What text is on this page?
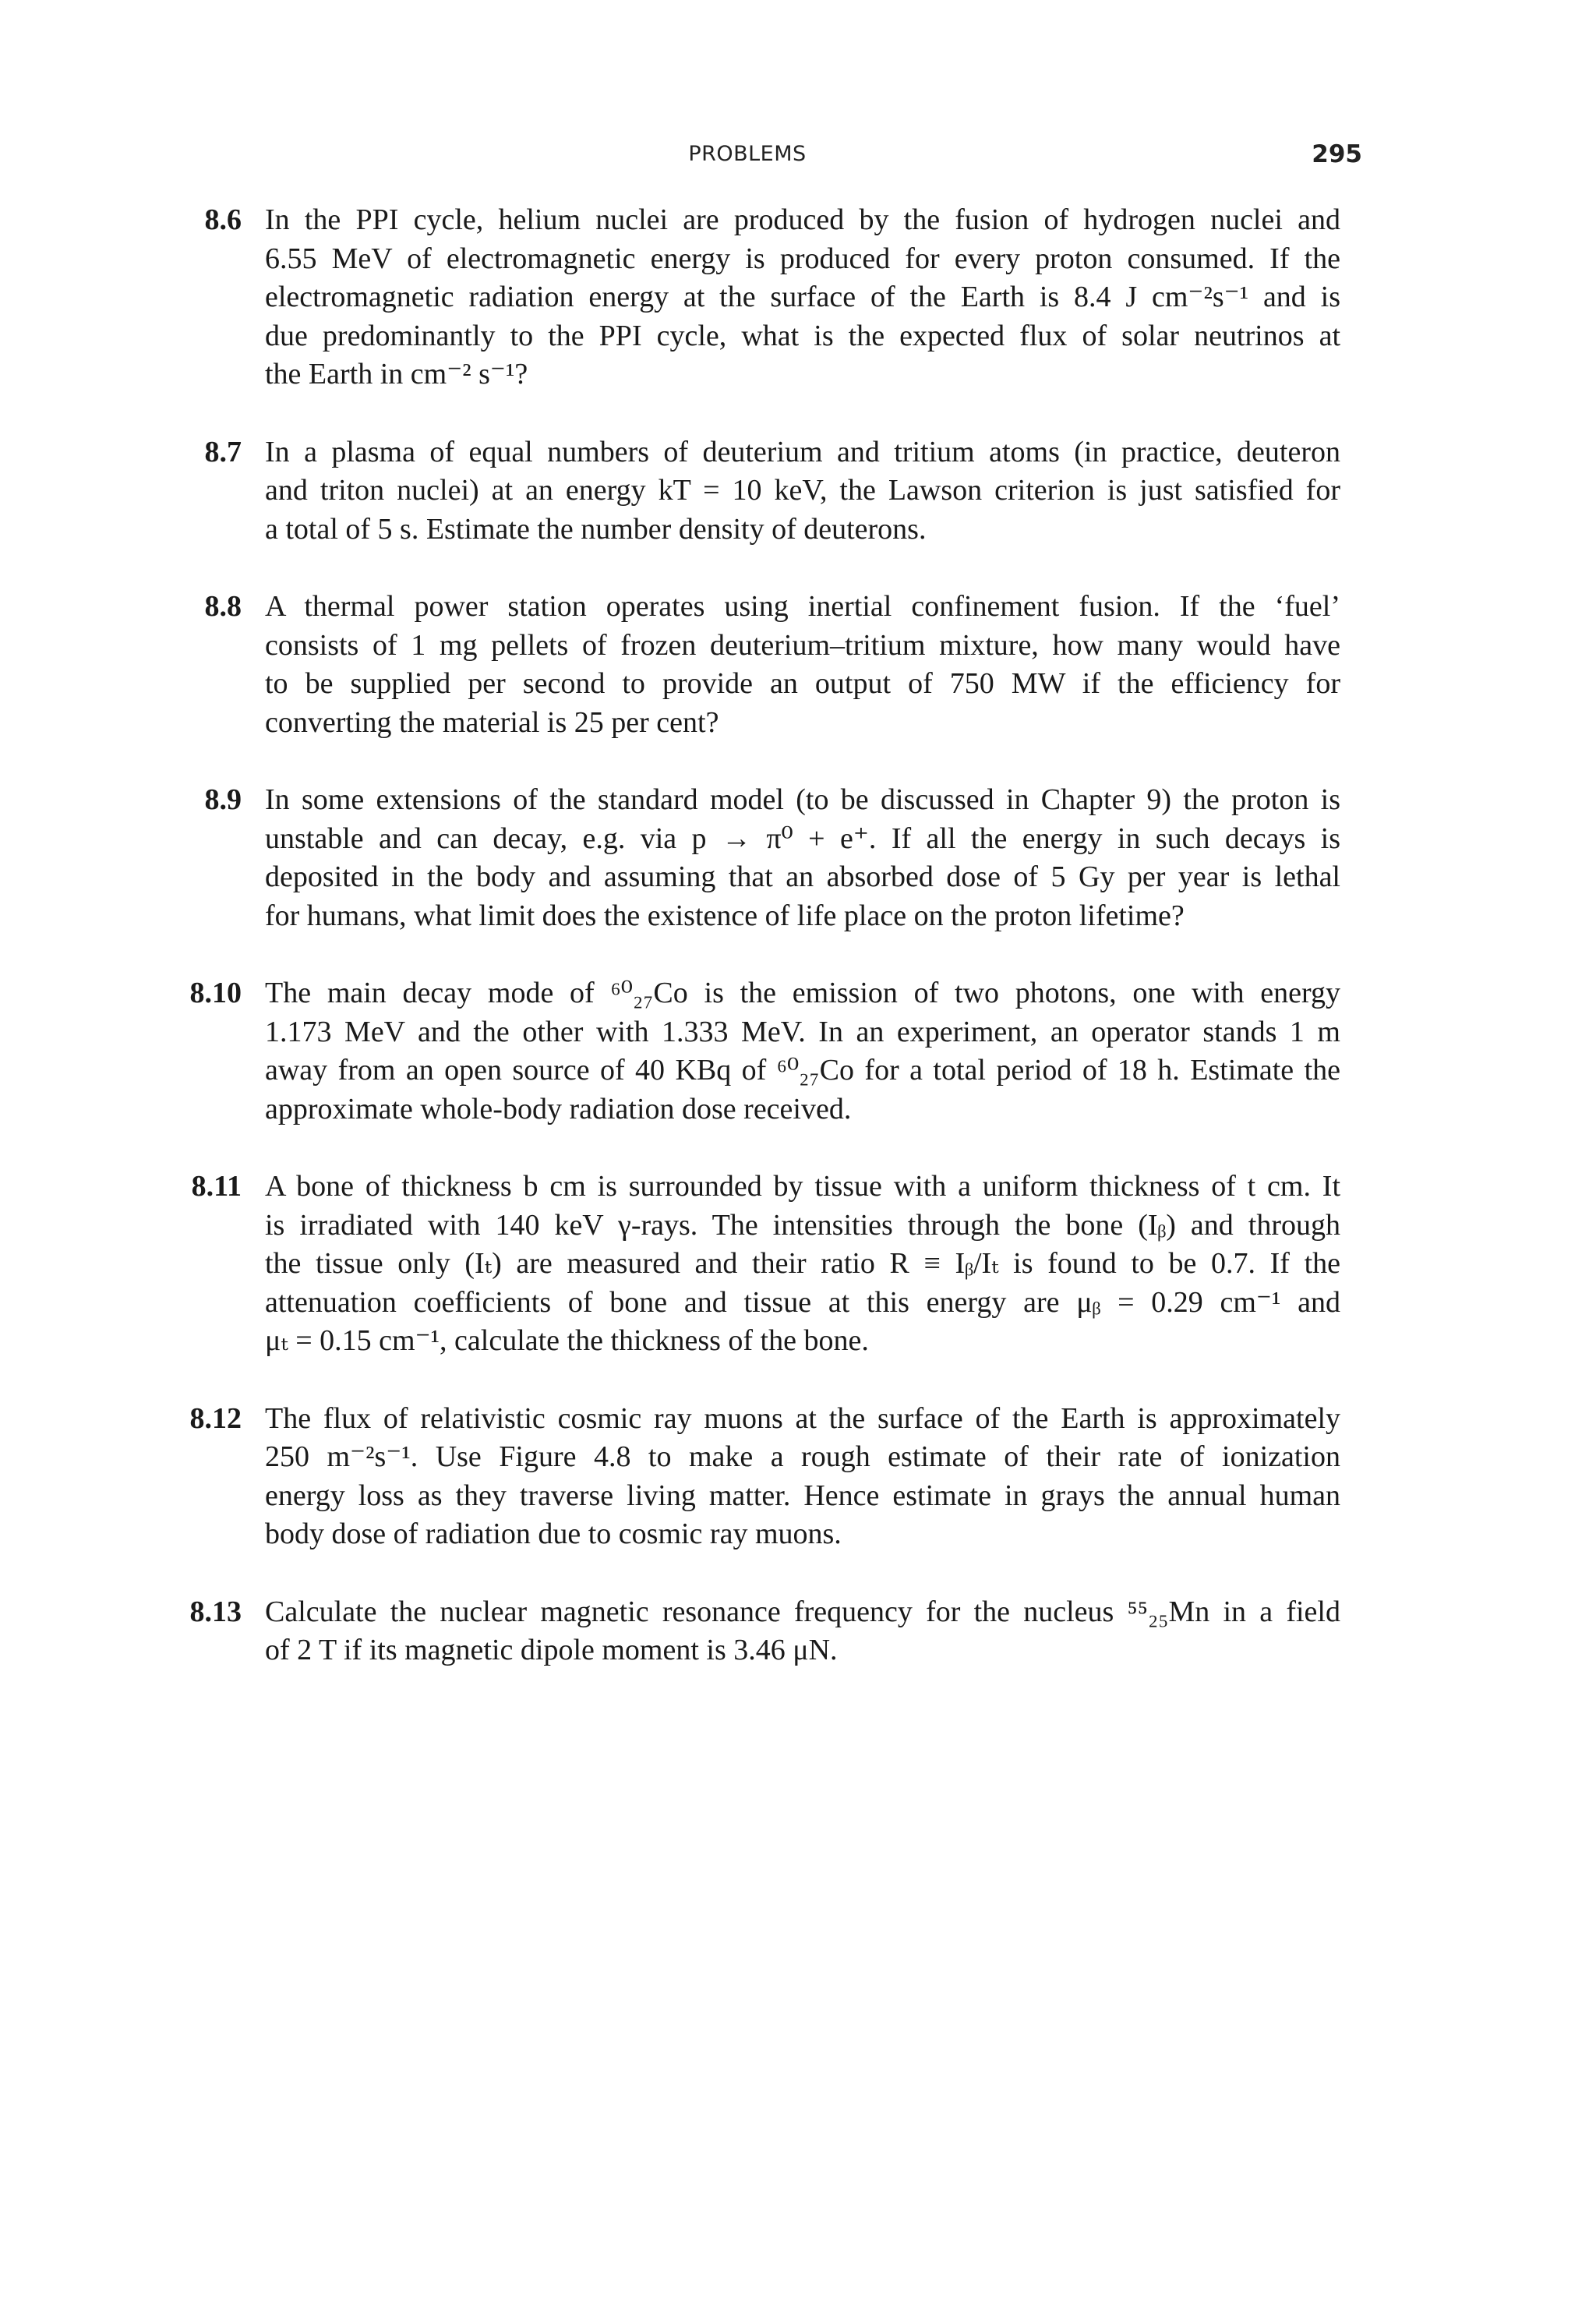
PROBLEMS	295
8.6 In the PPI cycle, helium nuclei are produced by the fusion of hydrogen nuclei and
6.55 MeV of electromagnetic energy is produced for every proton consumed. If the
electromagnetic radiation energy at the surface of the Earth is 8.4 J cm⁻²s⁻¹ and is
due predominantly to the PPI cycle, what is the expected flux of solar neutrinos at
the Earth in cm⁻² s⁻¹?
8.7 In a plasma of equal numbers of deuterium and tritium atoms (in practice, deuteron
and triton nuclei) at an energy kT = 10 keV, the Lawson criterion is just satisfied for
a total of 5 s. Estimate the number density of deuterons.
8.8 A thermal power station operates using inertial confinement fusion. If the ‘fuel’
consists of 1 mg pellets of frozen deuterium–tritium mixture, how many would have
to be supplied per second to provide an output of 750 MW if the efficiency for
converting the material is 25 per cent?
8.9 In some extensions of the standard model (to be discussed in Chapter 9) the proton is
unstable and can decay, e.g. via p → π⁰ + e⁺. If all the energy in such decays is
deposited in the body and assuming that an absorbed dose of 5 Gy per year is lethal
for humans, what limit does the existence of life place on the proton lifetime?
8.10 The main decay mode of ⁶⁰₂₇Co is the emission of two photons, one with energy
1.173 MeV and the other with 1.333 MeV. In an experiment, an operator stands 1 m
away from an open source of 40 KBq of ⁶⁰₂₇Co for a total period of 18 h. Estimate the
approximate whole-body radiation dose received.
8.11 A bone of thickness b cm is surrounded by tissue with a uniform thickness of t cm. It
is irradiated with 140 keV γ-rays. The intensities through the bone (Iᵦ) and through
the tissue only (Iₜ) are measured and their ratio R ≡ Iᵦ/Iₜ is found to be 0.7. If the
attenuation coefficients of bone and tissue at this energy are μᵦ = 0.29 cm⁻¹ and
μₜ = 0.15 cm⁻¹, calculate the thickness of the bone.
8.12 The flux of relativistic cosmic ray muons at the surface of the Earth is approximately
250 m⁻²s⁻¹. Use Figure 4.8 to make a rough estimate of their rate of ionization
energy loss as they traverse living matter. Hence estimate in grays the annual human
body dose of radiation due to cosmic ray muons.
8.13 Calculate the nuclear magnetic resonance frequency for the nucleus ⁵⁵₂₅Mn in a field
of 2 T if its magnetic dipole moment is 3.46 μN.
